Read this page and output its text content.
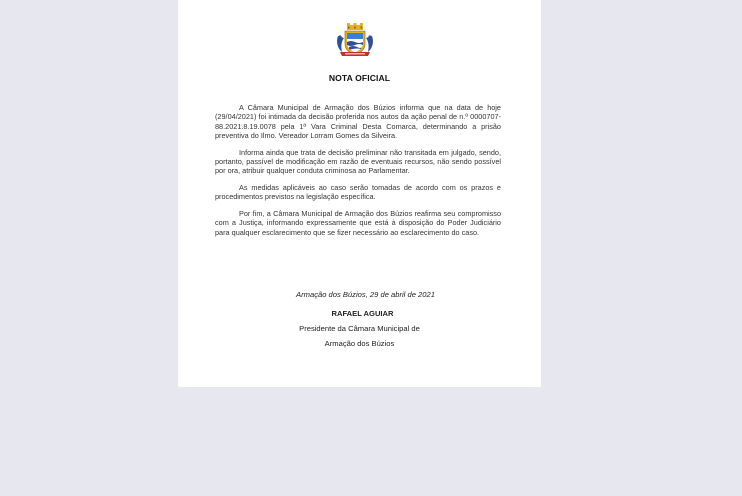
NOTA OFICIAL

A Câmara Municipal de Armação dos Búzios informa que na data de hoje (29/04/2021) foi intimada da decisão proferida nos autos da ação penal de n.º 0000707-88.2021.8.19.0078 pela 1ª Vara Criminal Desta Comarca, determinando a prisão preventiva do Ilmo. Vereador Lorram Gomes da Silveira.

Informa ainda que trata de decisão preliminar não transitada em julgado, sendo, portanto, passível de modificação em razão de eventuais recursos, não sendo possível por ora, atribuir qualquer conduta criminosa ao Parlamentar.

As medidas aplicáveis ao caso serão tomadas de acordo com os prazos e procedimentos previstos na legislação específica.

Por fim, a Câmara Municipal de Armação dos Búzios reafirma seu compromisso com a Justiça, informando expressamente que está à disposição do Poder Judiciário para qualquer esclarecimento que se fizer necessário ao esclarecimento do caso.

Armação dos Búzios, 29 de abril de 2021
RAFAEL AGUIAR
Presidente da Câmara Municipal de
Armação dos Búzios
